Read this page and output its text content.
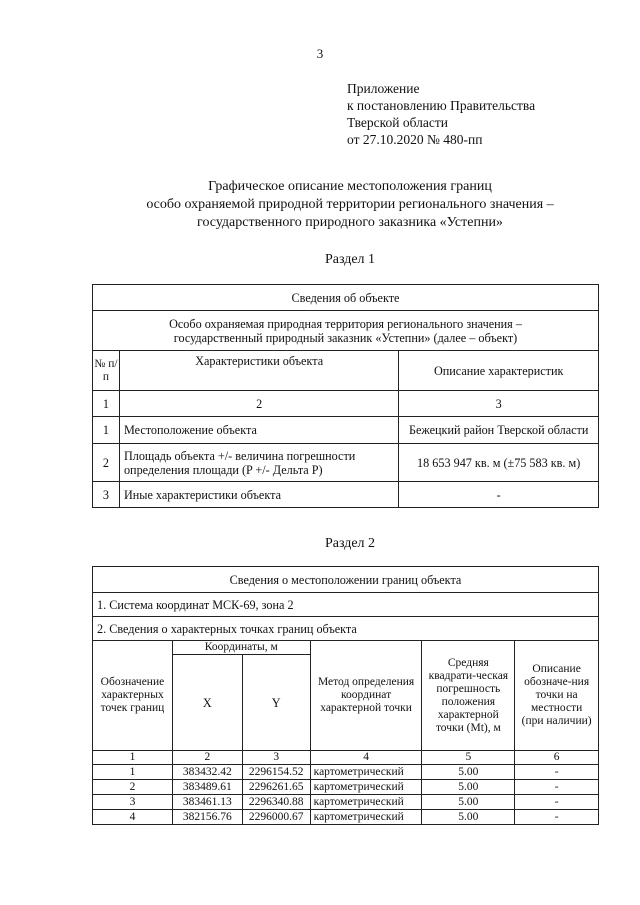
3
Приложение
к постановлению Правительства
Тверской области
от 27.10.2020 № 480-пп
Графическое описание местоположения границ
особо охраняемой природной территории регионального значения –
государственного природного заказника «Устепни»
Раздел 1
Сведения об объекте		

Особо охраняемая природная территория регионального значения –
государственный природный заказник «Устепни» (далее – объект)		

№ п/п	Характеристики объекта	Описание характеристик
1	2	3
1	Местоположение объекта	Бежецкий район Тверской области
2	Площадь объекта +/- величина погрешности определения площади (P +/- Дельта P)	18 653 947 кв. м (±75 583 кв. м)
3	Иные характеристики объекта	-
Раздел 2
Сведения о местоположении границ объекта					
1. Система координат МСК-69, зона 2					
2. Сведения о характерных точках границ объекта					
Обозначение характерных точек границ	Координаты, м		Метод определения координат характерной точки	Средняя квадрати-ческая погрешность положения характерной точки (Mt), м	Описание обозначе-ния точки на местности (при наличии)
	X	Y			
1	2	3	4	5	6
1	383432.42	2296154.52	картометрический	5.00	-
2	383489.61	2296261.65	картометрический	5.00	-
3	383461.13	2296340.88	картометрический	5.00	-
4	382156.76	2296000.67	картометрический	5.00	-
